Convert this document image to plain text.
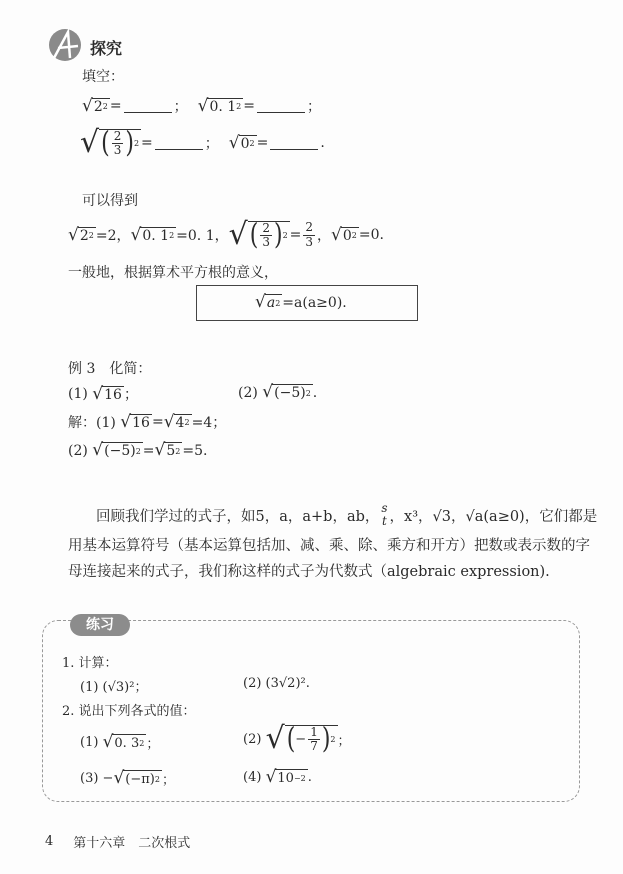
探究
填空：
√ 2 2 =	； √ 0. 1 2 =	；
√ ( 2
3 ) 2 =	； √ 0 2 =	.
可以得到
√ 2 2 =2， √ 0. 1 2 =0. 1， √ ( 2
3 ) 2 = 2
3 ， √ 0 2 =0.
一般地，根据算术平方根的意义，
√ a 2 =a(a≥0).
例 3　化简：
(1)
√ 16 ；	(2)
√ (−5) 2 .
解：(1)
√ 16 = √ 4 2 =4；
(2)
√ (−5) 2 = √ 5 2 =5.
回顾我们学过的式子，如5，a，a+b，ab，
s
t ，x³，√3，√a(a≥0)，它们都是
用基本运算符号（基本运算包括加、减、乘、除、乘方和开方）把数或表示数的字
母连接起来的式子，我们称这样的式子为代数式（algebraic expression).
练习
1. 计算：
(1) (√3)²；	(2) (3√2)².
2. 说出下列各式的值：
(1)
√ 0. 3 2 ；	(2)
√ ( −
1
7 ) 2 ；
(3) − √ (−π) 2 ；	(4)
√ 10 −2 .
4 第十六章　二次根式
